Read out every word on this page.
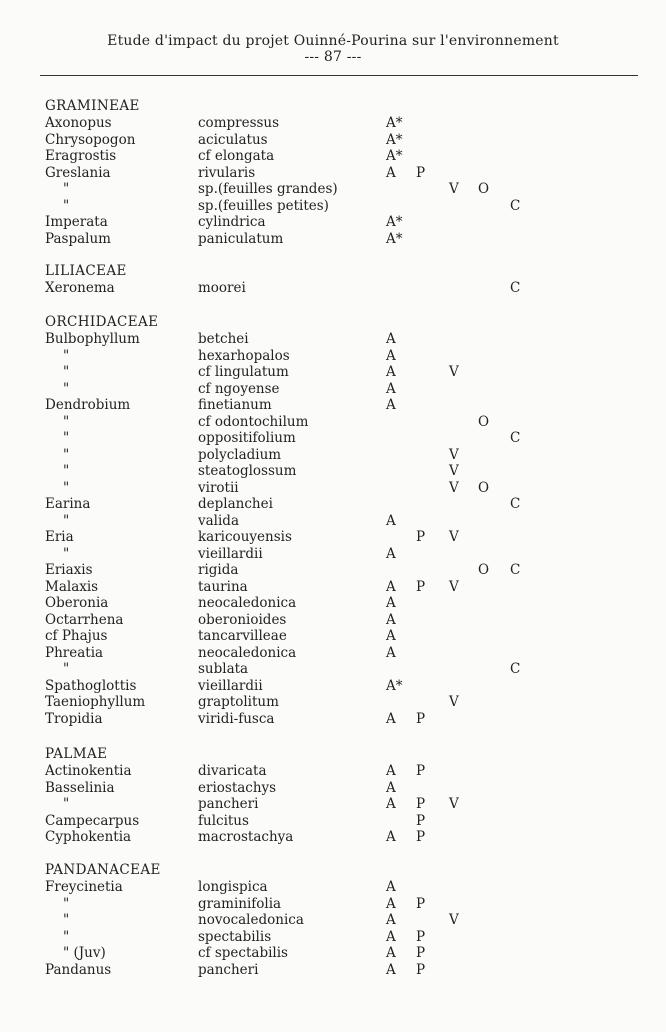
Etude d'impact du projet Ouinné-Pourina sur l'environnement
--- 87 ---
GRAMINEAE
Axonopus	compressus	A*
Chrysopogon	aciculatus	A*
Eragrostis	cf elongata	A*
Greslania	rivularis	A P
"	sp.(feuilles grandes)	V O
"	sp.(feuilles petites)	C
Imperata	cylindrica	A*
Paspalum	paniculatum	A*
LILIACEAE
Xeronema	moorei	C
ORCHIDACEAE
Bulbophyllum	betchei	A
"	hexarhopalos	A
"	cf lingulatum	A	V
"	cf ngoyense	A
Dendrobium	finetianum	A
"	cf odontochilum	O
"	oppositifolium	C
"	polycladium	V
"	steatoglossum	V
"	virotii	V O
Earina	deplanchei	C
"	valida	A
Eria	karicouyensis	P V
"	vieillardii	A
Eriaxis	rigida	O C
Malaxis	taurina	A P V
Oberonia	neocaledonica	A
Octarrhena	oberonioides	A
cf Phajus	tancarvilleae	A
Phreatia	neocaledonica	A
"	sublata	C
Spathoglottis	vieillardii	A*
Taeniophyllum	graptolitum	V
Tropidia	viridi-fusca	A P
PALMAE
Actinokentia	divaricata	A P
Basselinia	eriostachys	A
"	pancheri	A P V
Campecarpus	fulcitus	P
Cyphokentia	macrostachya	A P
PANDANACEAE
Freycinetia	longispica	A
"	graminifolia	A P
"	novocaledonica	A	V
"	spectabilis	A P
" (Juv)	cf spectabilis	A P
Pandanus	pancheri	A P
